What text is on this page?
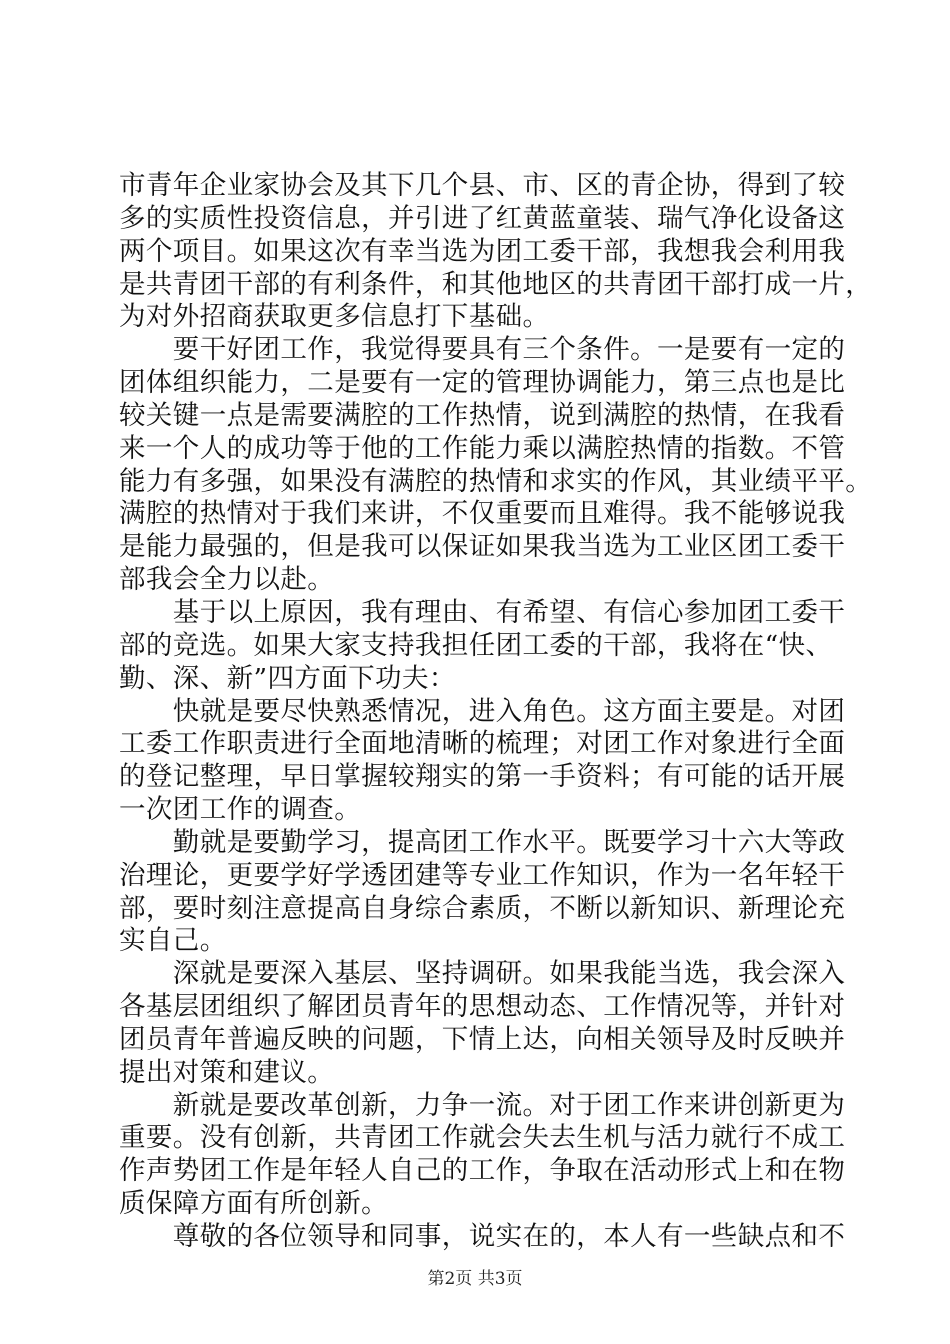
市青年企业家协会及其下几个县、市、区的青企协，得到了较
多的实质性投资信息，并引进了红黄蓝童装、瑞气净化设备这
两个项目。如果这次有幸当选为团工委干部，我想我会利用我
是共青团干部的有利条件，和其他地区的共青团干部打成一片，
为对外招商获取更多信息打下基础。
　　要干好团工作，我觉得要具有三个条件。一是要有一定的
团体组织能力，二是要有一定的管理协调能力，第三点也是比
较关键一点是需要满腔的工作热情，说到满腔的热情，在我看
来一个人的成功等于他的工作能力乘以满腔热情的指数。不管
能力有多强，如果没有满腔的热情和求实的作风，其业绩平平。
满腔的热情对于我们来讲，不仅重要而且难得。我不能够说我
是能力最强的，但是我可以保证如果我当选为工业区团工委干
部我会全力以赴。
　　基于以上原因，我有理由、有希望、有信心参加团工委干
部的竞选。如果大家支持我担任团工委的干部，我将在“快、
勤、深、新”四方面下功夫：
　　快就是要尽快熟悉情况，进入角色。这方面主要是。对团
工委工作职责进行全面地清晰的梳理；对团工作对象进行全面
的登记整理，早日掌握较翔实的第一手资料；有可能的话开展
一次团工作的调查。
　　勤就是要勤学习，提高团工作水平。既要学习十六大等政
治理论，更要学好学透团建等专业工作知识，作为一名年轻干
部，要时刻注意提高自身综合素质，不断以新知识、新理论充
实自己。
　　深就是要深入基层、坚持调研。如果我能当选，我会深入
各基层团组织了解团员青年的思想动态、工作情况等，并针对
团员青年普遍反映的问题，下情上达，向相关领导及时反映并
提出对策和建议。
　　新就是要改革创新，力争一流。对于团工作来讲创新更为
重要。没有创新，共青团工作就会失去生机与活力就行不成工
作声势团工作是年轻人自己的工作，争取在活动形式上和在物
质保障方面有所创新。
　　尊敬的各位领导和同事，说实在的，本人有一些缺点和不
第2页 共3页
